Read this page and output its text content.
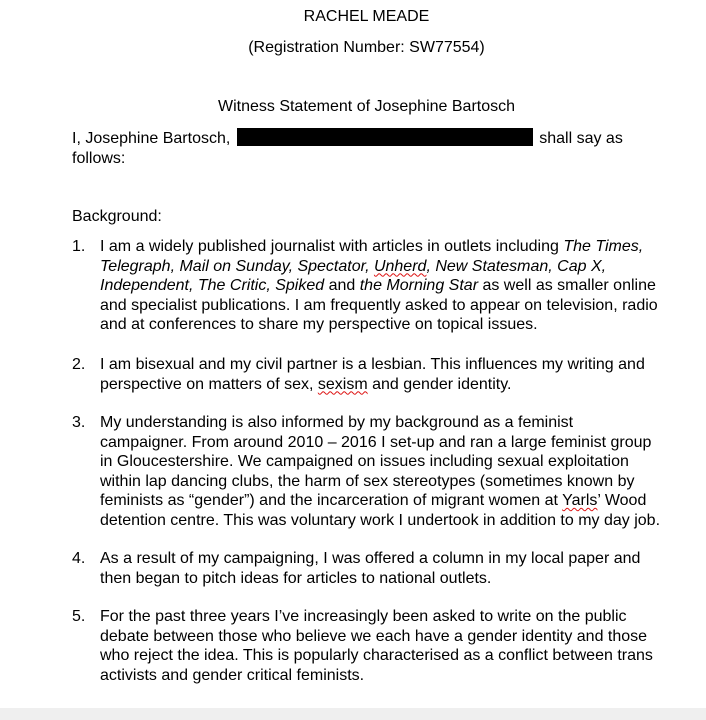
RACHEL MEADE
(Registration Number: SW77554)
Witness Statement of Josephine Bartosch
I, Josephine Bartosch,	shall say as
follows:
Background:
1. I am a widely published journalist with articles in outlets including The Times, Telegraph, Mail on Sunday, Spectator, Unherd, New Statesman, Cap X, Independent, The Critic, Spiked and the Morning Star as well as smaller online and specialist publications. I am frequently asked to appear on television, radio and at conferences to share my perspective on topical issues.
2. I am bisexual and my civil partner is a lesbian. This influences my writing and perspective on matters of sex, sexism and gender identity.
3. My understanding is also informed by my background as a feminist campaigner. From around 2010 – 2016 I set-up and ran a large feminist group in Gloucestershire. We campaigned on issues including sexual exploitation within lap dancing clubs, the harm of sex stereotypes (sometimes known by feminists as “gender”) and the incarceration of migrant women at Yarls’ Wood detention centre. This was voluntary work I undertook in addition to my day job.
4. As a result of my campaigning, I was offered a column in my local paper and then began to pitch ideas for articles to national outlets.
5. For the past three years I’ve increasingly been asked to write on the public debate between those who believe we each have a gender identity and those who reject the idea. This is popularly characterised as a conflict between trans activists and gender critical feminists.
